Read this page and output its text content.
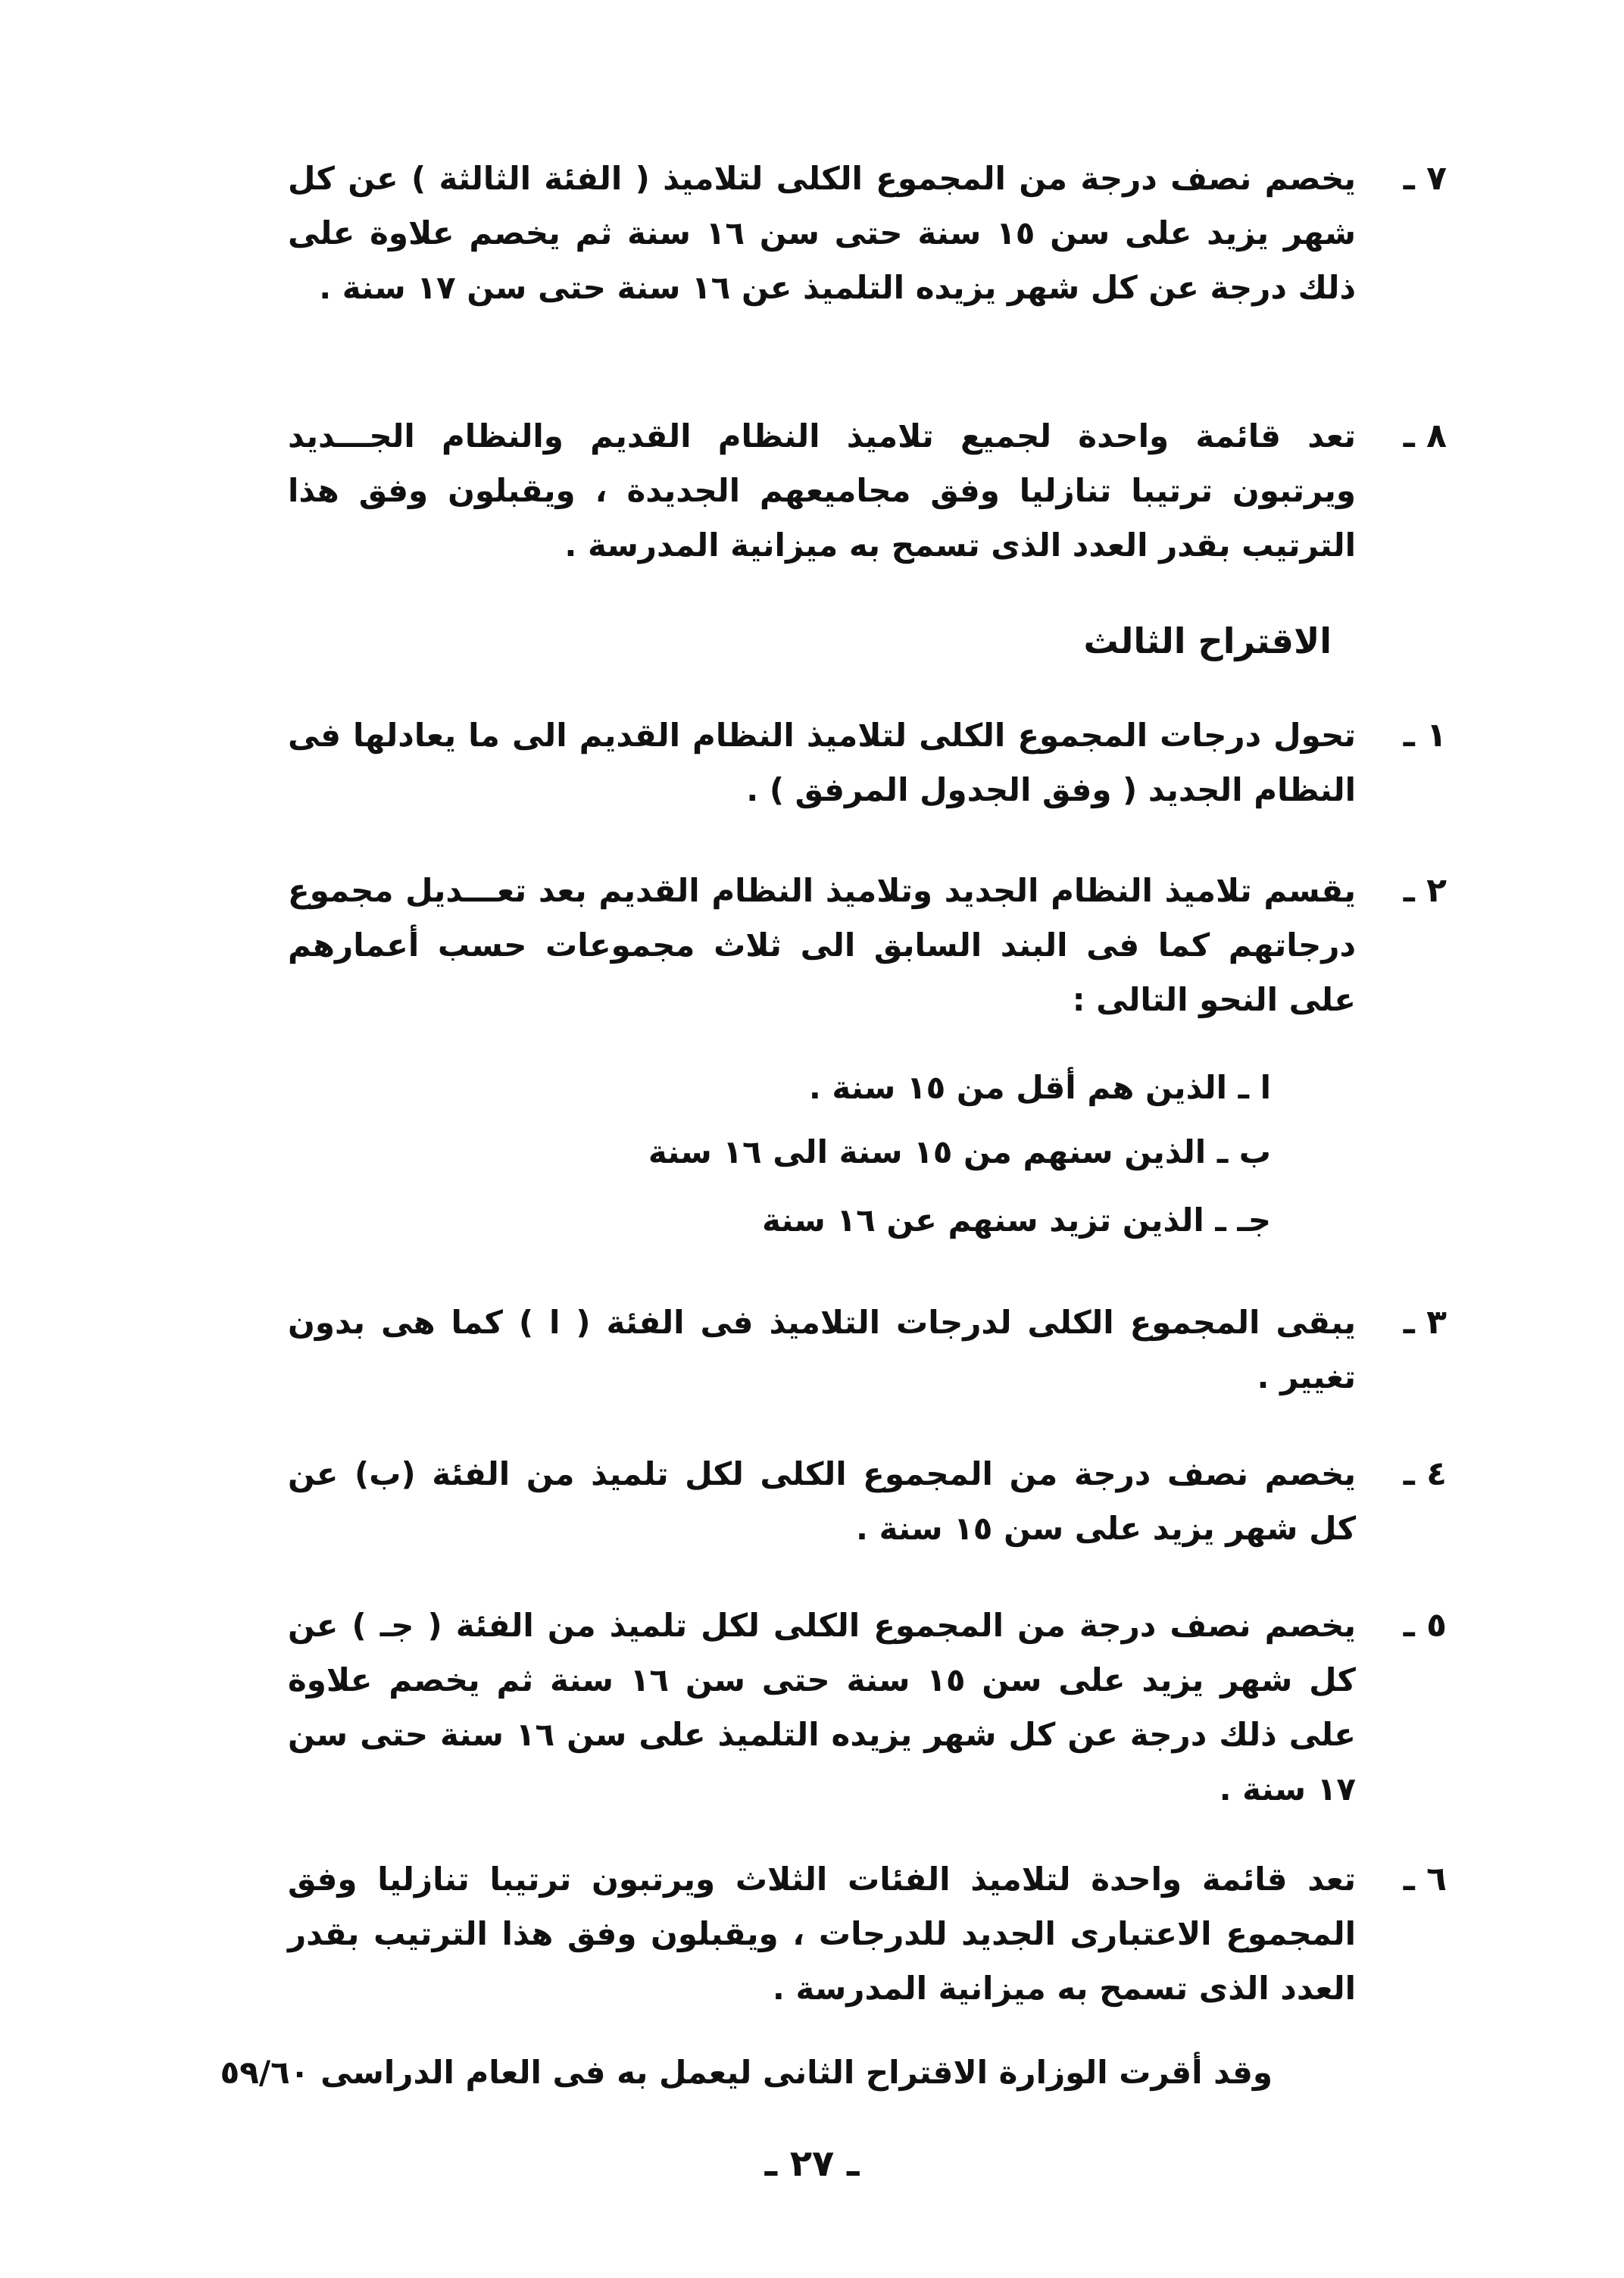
٧ ـ

يخصم نصف درجة من المجموع الكلى لتلاميذ ( الفئة الثالثة ) عن كل شهر يزيد على سن ١٥ سنة حتى سن ١٦ سنة ثم يخصم علاوة على ذلك درجة عن كل شهر يزيده التلميذ عن ١٦ سنة حتى سن ١٧ سنة .

٨ ـ

تعد قائمة واحدة لجميع تلاميذ النظام القديم والنظام الجـــديد ويرتبون ترتيبا تنازليا وفق مجاميعهم الجديدة ، ويقبلون وفق هذا الترتيب بقدر العدد الذى تسمح به ميزانية المدرسة .

الاقتراح الثالث
١ ـ

تحول درجات المجموع الكلى لتلاميذ النظام القديم الى ما يعادلها فى النظام الجديد ( وفق الجدول المرفق ) .

٢ ـ

يقسم تلاميذ النظام الجديد وتلاميذ النظام القديم بعد تعـــديل مجموع درجاتهم كما فى البند السابق الى ثلاث مجموعات حسب أعمارهم على النحو التالى :

ا ـ الذين هم أقل من ١٥ سنة .
ب ـ الذين سنهم من ١٥ سنة الى ١٦ سنة
جـ ـ الذين تزيد سنهم عن ١٦ سنة
٣ ـ

يبقى المجموع الكلى لدرجات التلاميذ فى الفئة ( ا ) كما هى بدون تغيير .

٤ ـ

يخصم نصف درجة من المجموع الكلى لكل تلميذ من الفئة (ب) عن كل شهر يزيد على سن ١٥ سنة .

٥ ـ

يخصم نصف درجة من المجموع الكلى لكل تلميذ من الفئة ( جـ ) عن كل شهر يزيد على سن ١٥ سنة حتى سن ١٦ سنة ثم يخصم علاوة على ذلك درجة عن كل شهر يزيده التلميذ على سن ١٦ سنة حتى سن ١٧ سنة .

٦ ـ

تعد قائمة واحدة لتلاميذ الفئات الثلاث ويرتبون ترتيبا تنازليا وفق المجموع الاعتبارى الجديد للدرجات ، ويقبلون وفق هذا الترتيب بقدر العدد الذى تسمح به ميزانية المدرسة .

وقد أقرت الوزارة الاقتراح الثانى ليعمل به فى العام الدراسى ٥٩/٦٠
ـ ٢٧ ـ
